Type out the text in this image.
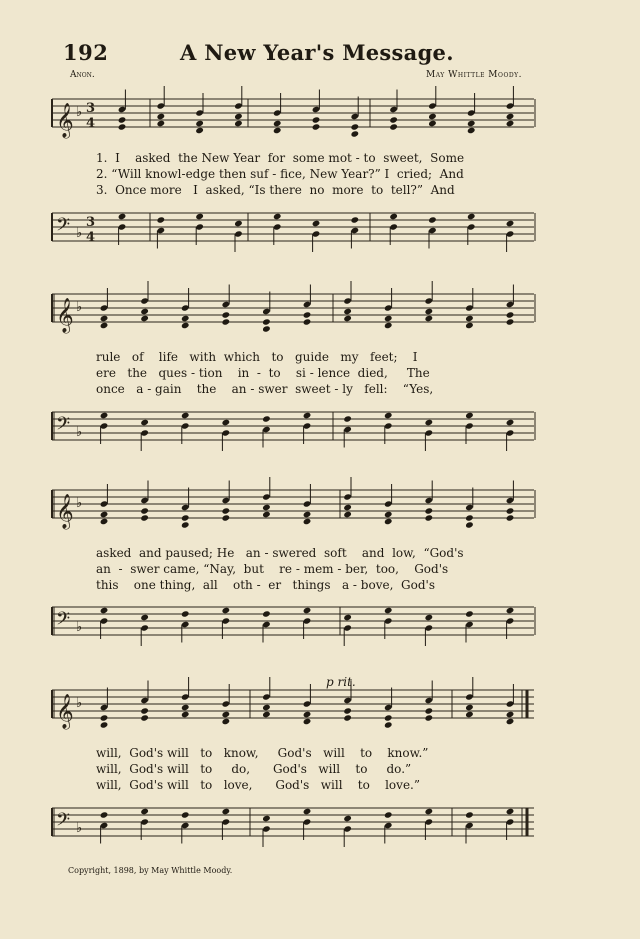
192	A New Year's Message.
Anon.	May Whittle Moody.
𝄞 ♭ 3
4
1.  I    asked  the New Year  for  some mot - to  sweet,  Some
2. “Will knowl-edge then suf - fice, New Year?” I  cried;  And
3.  Once more   I  asked, “Is there  no  more  to  tell?”  And
𝄢 ♭
3
4
𝄞 ♭
rule   of    life   with  which   to   guide   my   feet;    I
ere   the   ques - tion    in  -  to    si - lence  died,     The
once   a - gain    the    an - swer  sweet - ly   fell:    “Yes,
𝄢 ♭
𝄞 ♭
asked  and paused; He   an - swered  soft    and  low,  “God's
an  -  swer came, “Nay,  but    re - mem - ber,  too,    God's
this    one thing,  all    oth -  er   things   a - bove,  God's
𝄢 ♭
p rit.
𝄞 ♭
will,  God's will   to   know,     God's   will    to    know.”
will,  God's will   to     do,      God's   will    to     do.”
will,  God's will   to   love,      God's   will    to    love.”
𝄢 ♭
Copyright, 1898, by May Whittle Moody.
